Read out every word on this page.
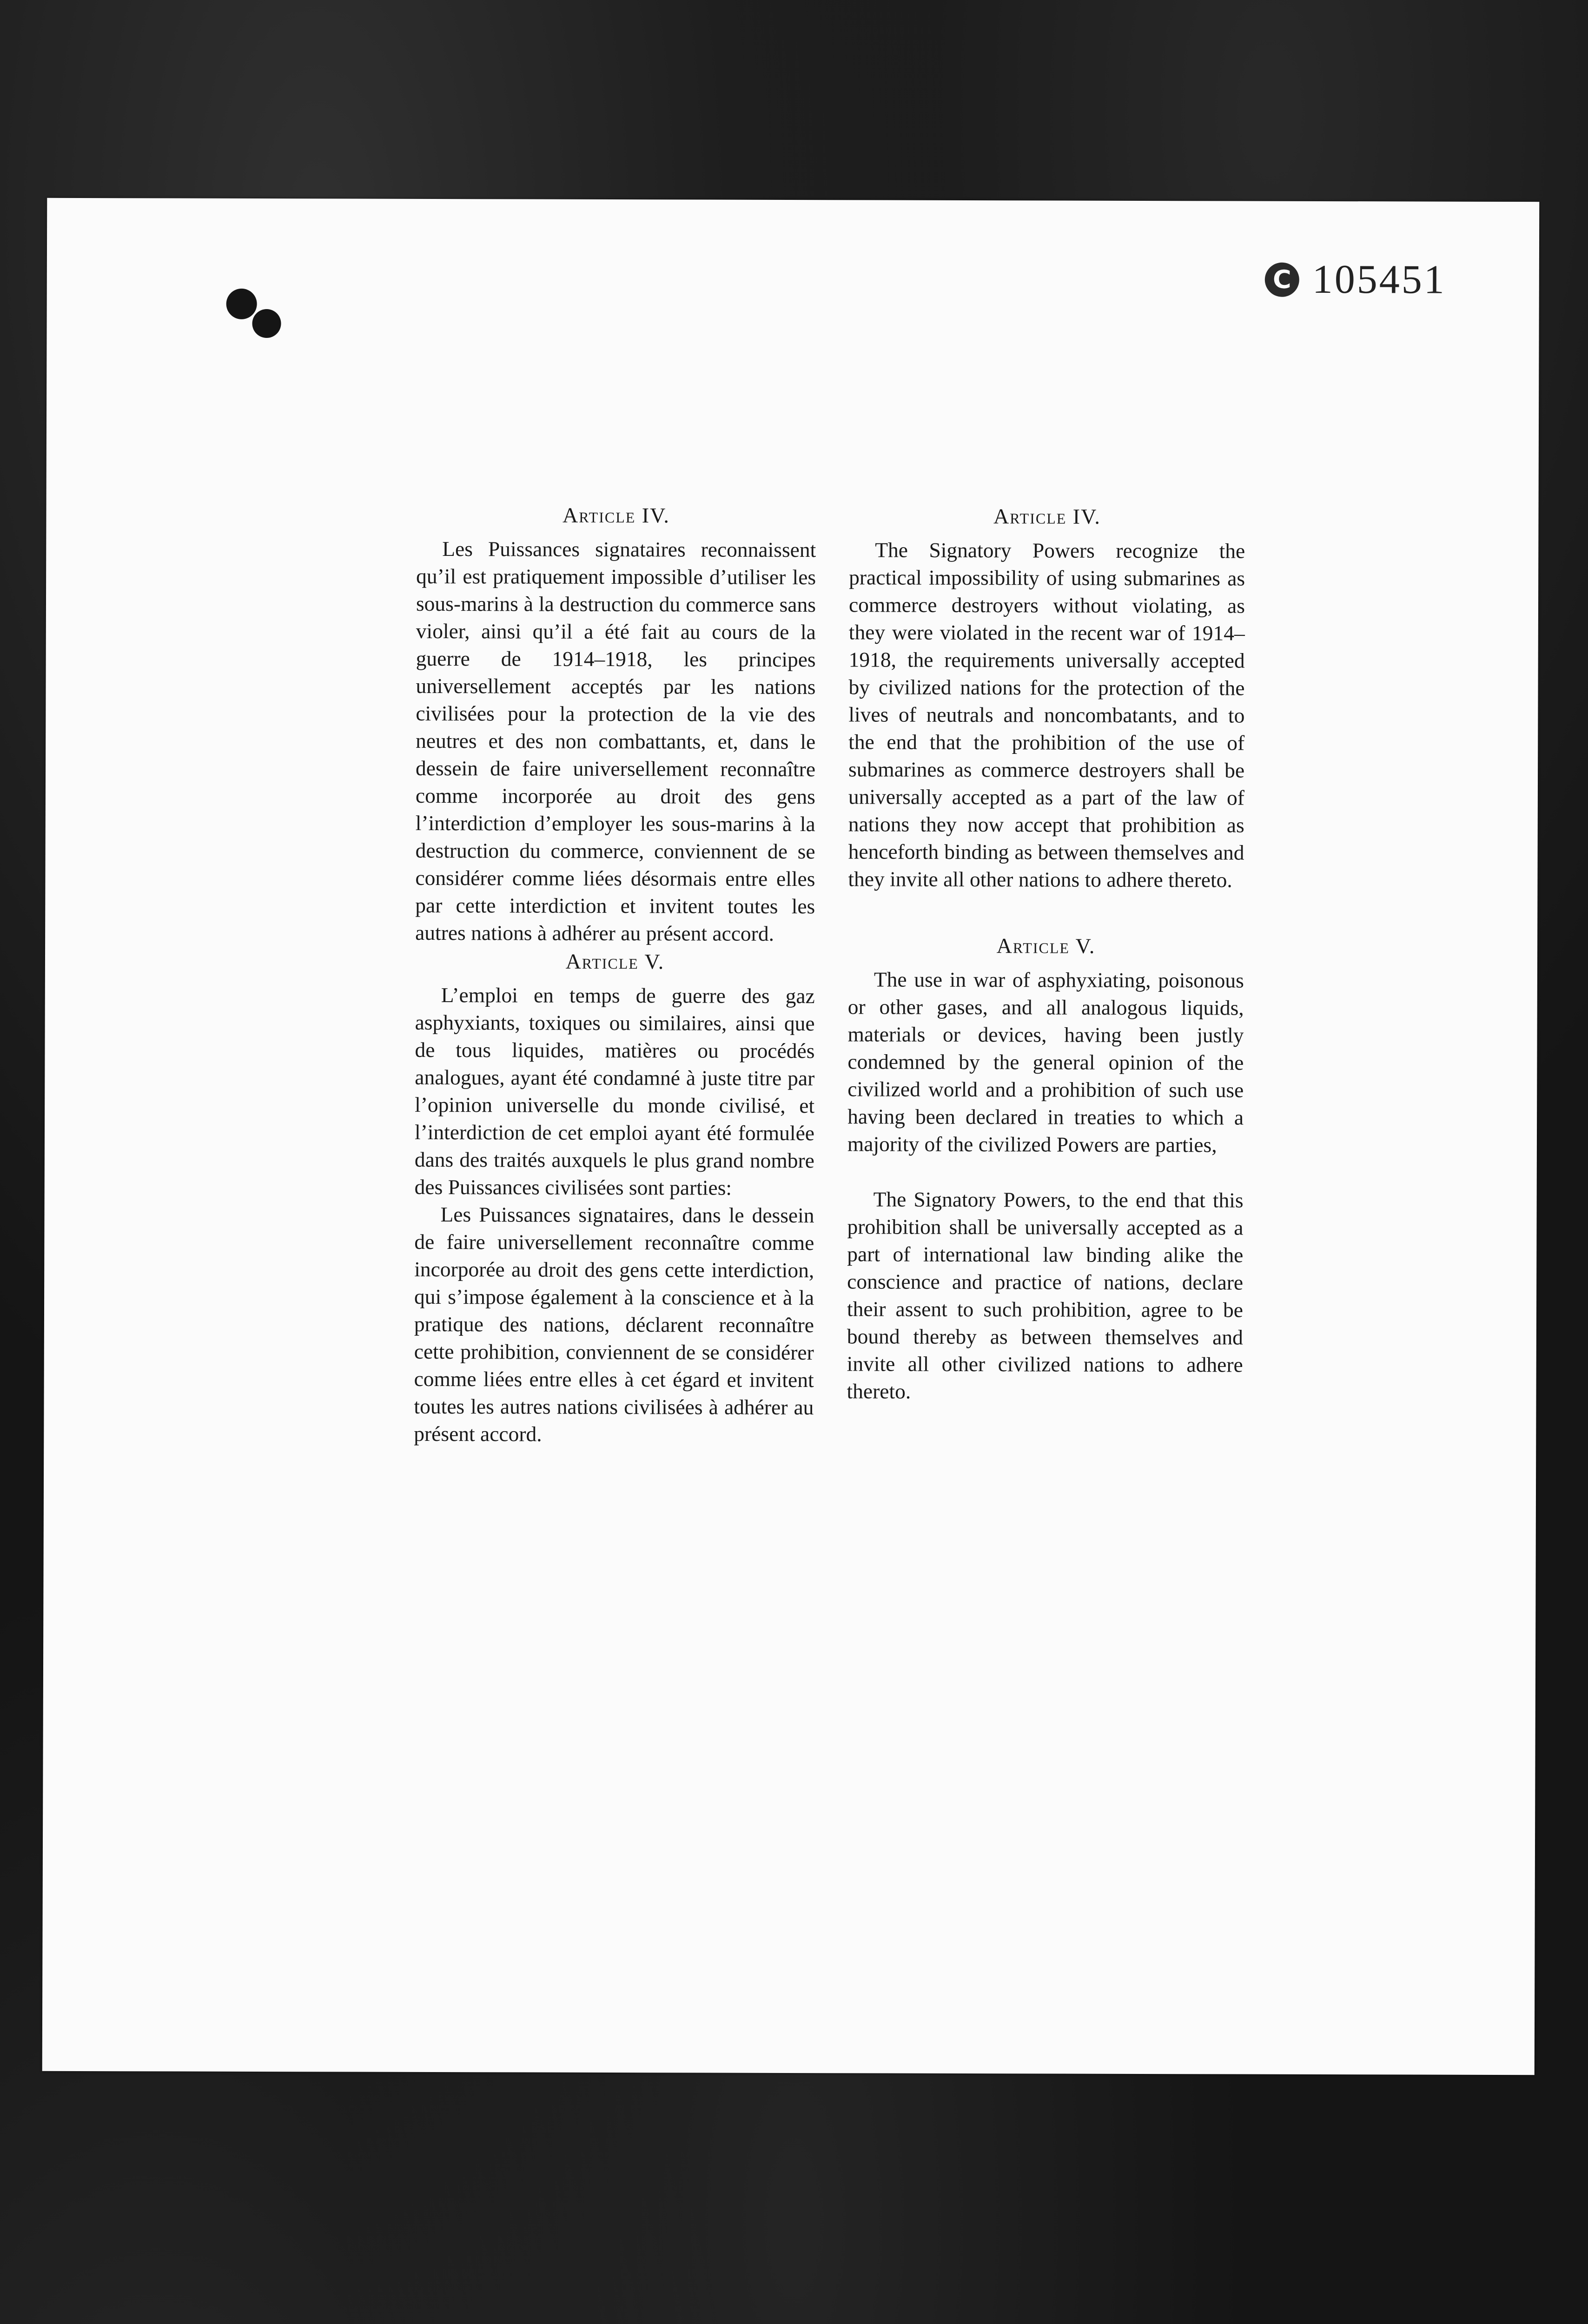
C 105451
Article IV.

Les Puissances signataires reconnaissent qu’il est pratiquement impossible d’utiliser les sous-marins à la destruction du commerce sans violer, ainsi qu’il a été fait au cours de la guerre de 1914–1918, les principes universellement acceptés par les nations civilisées pour la protection de la vie des neutres et des non combattants, et, dans le dessein de faire universellement reconnaître comme incorporée au droit des gens l’interdiction d’employer les sous-marins à la destruction du commerce, conviennent de se considérer comme liées désormais entre elles par cette interdiction et invitent toutes les autres nations à adhérer au présent accord.

Article V.

L’emploi en temps de guerre des gaz asphyxiants, toxiques ou similaires, ainsi que de tous liquides, matières ou procédés analogues, ayant été condamné à juste titre par l’opinion universelle du monde civilisé, et l’interdiction de cet emploi ayant été formulée dans des traités auxquels le plus grand nombre des Puissances civilisées sont parties:

Les Puissances signataires, dans le dessein de faire universellement reconnaître comme incorporée au droit des gens cette interdiction, qui s’impose également à la conscience et à la pratique des nations, déclarent reconnaître cette prohibition, conviennent de se considérer comme liées entre elles à cet égard et invitent toutes les autres nations civilisées à adhérer au présent accord.

Article IV.

The Signatory Powers recognize the practical impossibility of using submarines as commerce destroyers without violating, as they were violated in the recent war of 1914–1918, the requirements universally accepted by civilized nations for the protection of the lives of neutrals and noncombatants, and to the end that the prohibition of the use of submarines as commerce destroyers shall be universally accepted as a part of the law of nations they now accept that prohibition as henceforth binding as between themselves and they invite all other nations to adhere thereto.

Article V.

The use in war of asphyxiating, poisonous or other gases, and all analogous liquids, materials or devices, having been justly condemned by the general opinion of the civilized world and a prohibition of such use having been declared in treaties to which a majority of the civilized Powers are parties,

The Signatory Powers, to the end that this prohibition shall be universally accepted as a part of international law binding alike the conscience and practice of nations, declare their assent to such prohibition, agree to be bound thereby as between themselves and invite all other civilized nations to adhere thereto.
